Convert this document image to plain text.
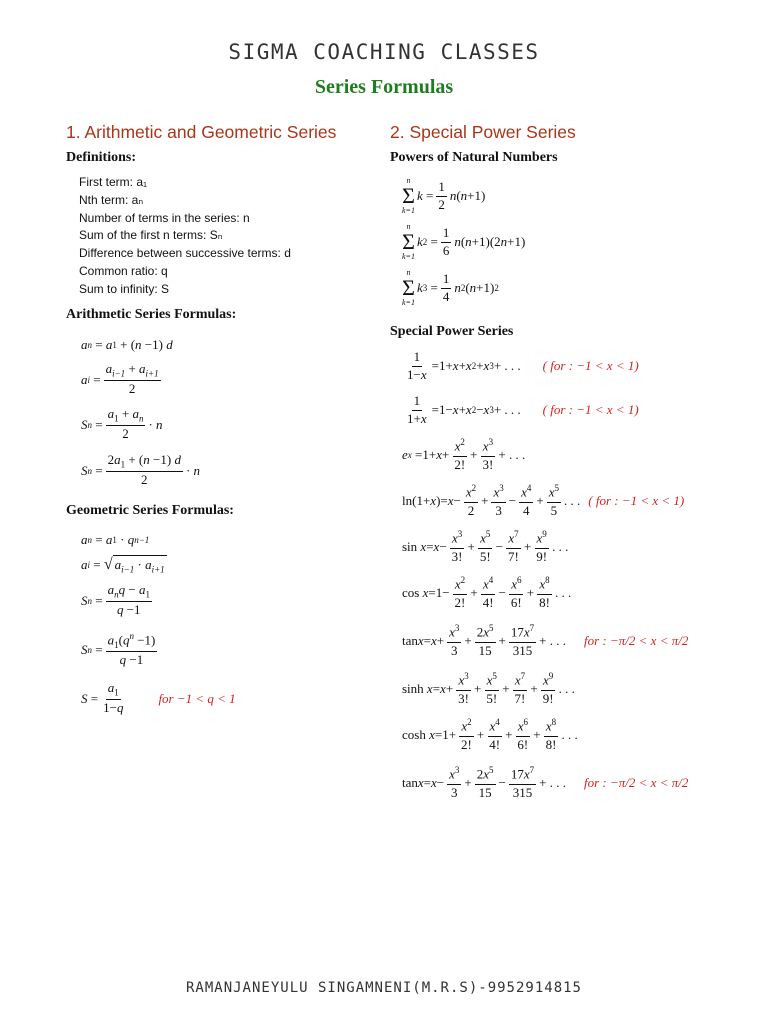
SIGMA COACHING CLASSES
Series Formulas
1. Arithmetic and Geometric Series	2. Special Power Series

Definitions:

First term: a₁
Nth term: aₙ
Number of terms in the series: n
Sum of the first n terms: Sₙ
Difference between successive terms: d
Common ratio: q
Sum to infinity: S

Arithmetic Series Formulas:

a n
= a 1
+
( n −1) d
a i
= $\frac{a_{i-1} + a_{i+1}}{2}$
S n
= $\frac{a_1 + a_n}{2} \cdot n$
S n
= $\frac{2a_1 + (n -1) d}{2} \cdot n$

Geometric Series Formulas:

a n
= a 1
· q n−1
a i
=
√ $a_{i-1} \cdot a_{i+1}$
S n
= $\frac{a_nq - a_1}{q -1}$
S n
= $\frac{a_1(q^n -1)}{q -1}$
$S = \frac{a_1}{1-q}$	for −1 < q < 1

Powers of Natural Numbers

n
Σ
k=1
$k = \frac{1}{2}$ n ( n +1)
n
Σ
k=1
k 2
= $\frac{1}{6}$ n ( n +1)(2 n +1)
n
Σ
k=1
k 3
= $\frac{1}{4}$ n 2 ( n +1) 2

Special Power Series

$\frac{1}{1-x} =1+ x + x$ 2 + x 3 + . . . ( for : −1 < x < 1)
$\frac{1}{1+x} =1- x + x$ 2 − x 3 + . . . ( for : −1 < x < 1)
e x
$=1+ x + \frac{x^2}{2!} + \frac{x^3}{3!}$ + . . .
ln(1+ x )= $x - \frac{x^2}{2} + \frac{x^3}{3} - \frac{x^4}{4} + \frac{x^5}{5}$ . . . ( for : −1 < x < 1)
$\sin x = x - \frac{x^3}{3!} + \frac{x^5}{5!} - \frac{x^7}{7!} + \frac{x^9}{9!}$ . . .
$\cos x =1- \frac{x^2}{2!} + \frac{x^4}{4!} - \frac{x^6}{6!} + \frac{x^8}{8!}$ . . .
$\tan x = x + \frac{x^3}{3} + \frac{2x^5}{15} + \frac{17x^7}{315}$ + . . . for : −π/2 < x < π/2
$\sinh x = x + \frac{x^3}{3!} + \frac{x^5}{5!} + \frac{x^7}{7!} + \frac{x^9}{9!}$ . . .
$\cosh x =1+ \frac{x^2}{2!} + \frac{x^4}{4!} + \frac{x^6}{6!} + \frac{x^8}{8!}$ . . .
$\tan x = x - \frac{x^3}{3} + \frac{2x^5}{15} - \frac{17x^7}{315}$ + . . . for : −π/2 < x < π/2
RAMANJANEYULU SINGAMNENI(M.R.S)-9952914815
